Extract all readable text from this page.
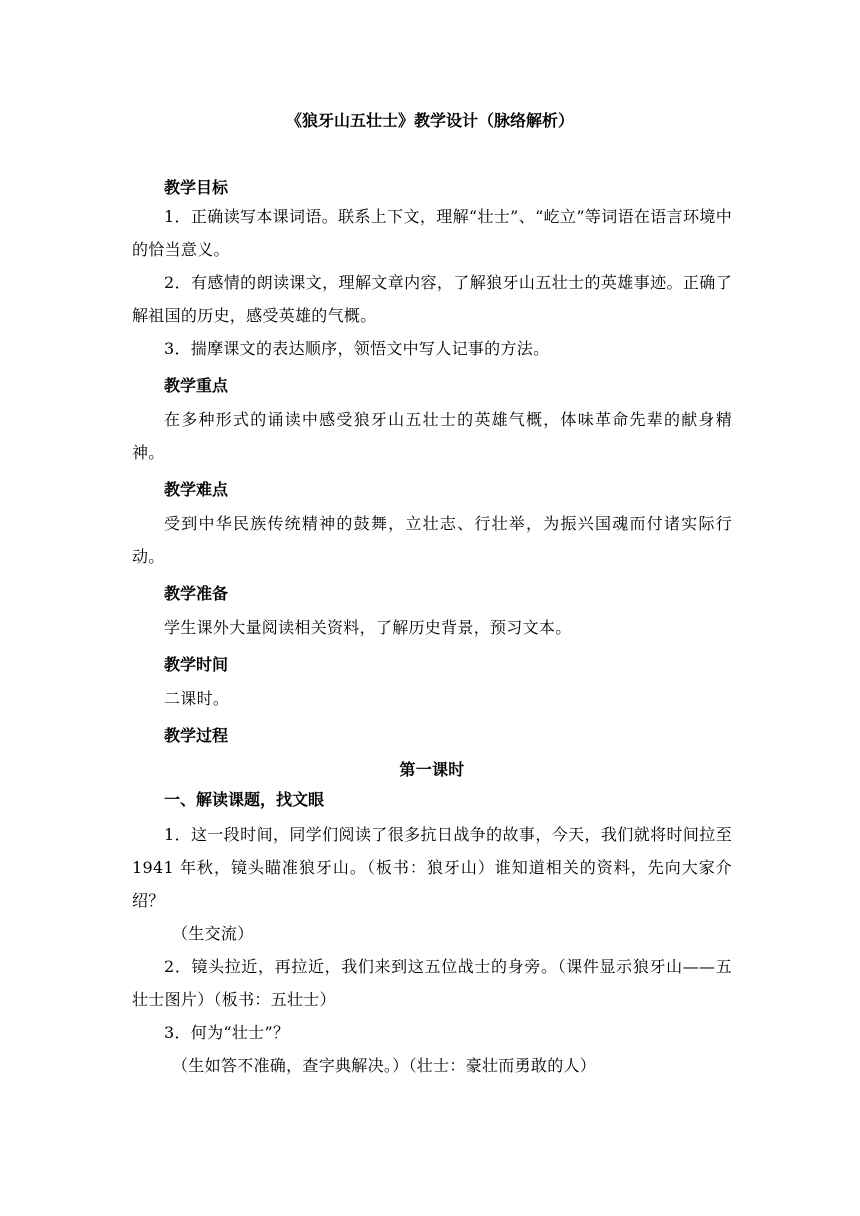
《狼牙山五壮士》教学设计（脉络解析）
教学目标

1．正确读写本课词语。联系上下文，理解“壮士”、“屹立”等词语在语言环境中的恰当意义。

2．有感情的朗读课文，理解文章内容，了解狼牙山五壮士的英雄事迹。正确了解祖国的历史，感受英雄的气概。

3．揣摩课文的表达顺序，领悟文中写人记事的方法。

教学重点

在多种形式的诵读中感受狼牙山五壮士的英雄气概，体味革命先辈的献身精神。

教学难点

受到中华民族传统精神的鼓舞，立壮志、行壮举，为振兴国魂而付诸实际行动。

教学准备

学生课外大量阅读相关资料，了解历史背景，预习文本。

教学时间

二课时。

教学过程

第一课时

一、解读课题，找文眼

1．这一段时间，同学们阅读了很多抗日战争的故事，今天，我们就将时间拉至 1941 年秋，镜头瞄准狼牙山。（板书：狼牙山）谁知道相关的资料，先向大家介绍？

（生交流）

2．镜头拉近，再拉近，我们来到这五位战士的身旁。（课件显示狼牙山——五壮士图片）（板书：五壮士）

3．何为“壮士”？

（生如答不准确，查字典解决。）（壮士：豪壮而勇敢的人）
